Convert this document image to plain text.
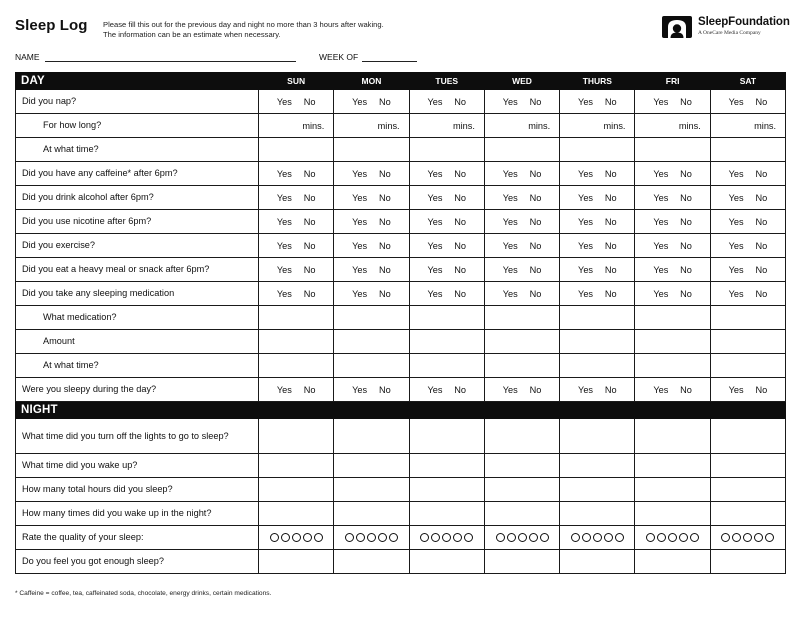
Sleep Log Please fill this out for the previous day and night no more than 3 hours after waking.
The information can be an estimate when necessary.
SleepFoundation
A OneCare Media Company
NAME	WEEK OF
DAY	SUN	MON	TUES	WED	THURS	FRI	SAT
Did you nap?	Yes No	Yes No	Yes No	Yes No	Yes No	Yes No	Yes No

For how long?	mins.	mins.	mins.	mins.	mins.	mins.	mins.
At what time?							
Did you have any caffeine* after 6pm?	Yes No	Yes No	Yes No	Yes No	Yes No	Yes No	Yes No

Did you drink alcohol after 6pm?	Yes No	Yes No	Yes No	Yes No	Yes No	Yes No	Yes No

Did you use nicotine after 6pm?	Yes No	Yes No	Yes No	Yes No	Yes No	Yes No	Yes No

Did you exercise?	Yes No	Yes No	Yes No	Yes No	Yes No	Yes No	Yes No

Did you eat a heavy meal or snack after 6pm?	Yes No	Yes No	Yes No	Yes No	Yes No	Yes No	Yes No

Did you take any sleeping medication	Yes No	Yes No	Yes No	Yes No	Yes No	Yes No	Yes No

What medication?							
Amount							
At what time?							
Were you sleepy during the day?	Yes No	Yes No	Yes No	Yes No	Yes No	Yes No	Yes No

NIGHT							
What time did you turn off the lights to go to sleep?							
What time did you wake up?							
How many total hours did you sleep?							
How many times did you wake up in the night?							
Rate the quality of your sleep:	

Do you feel you got enough sleep?							
* Caffeine = coffee, tea, caffeinated soda, chocolate, energy drinks, certain medications.
